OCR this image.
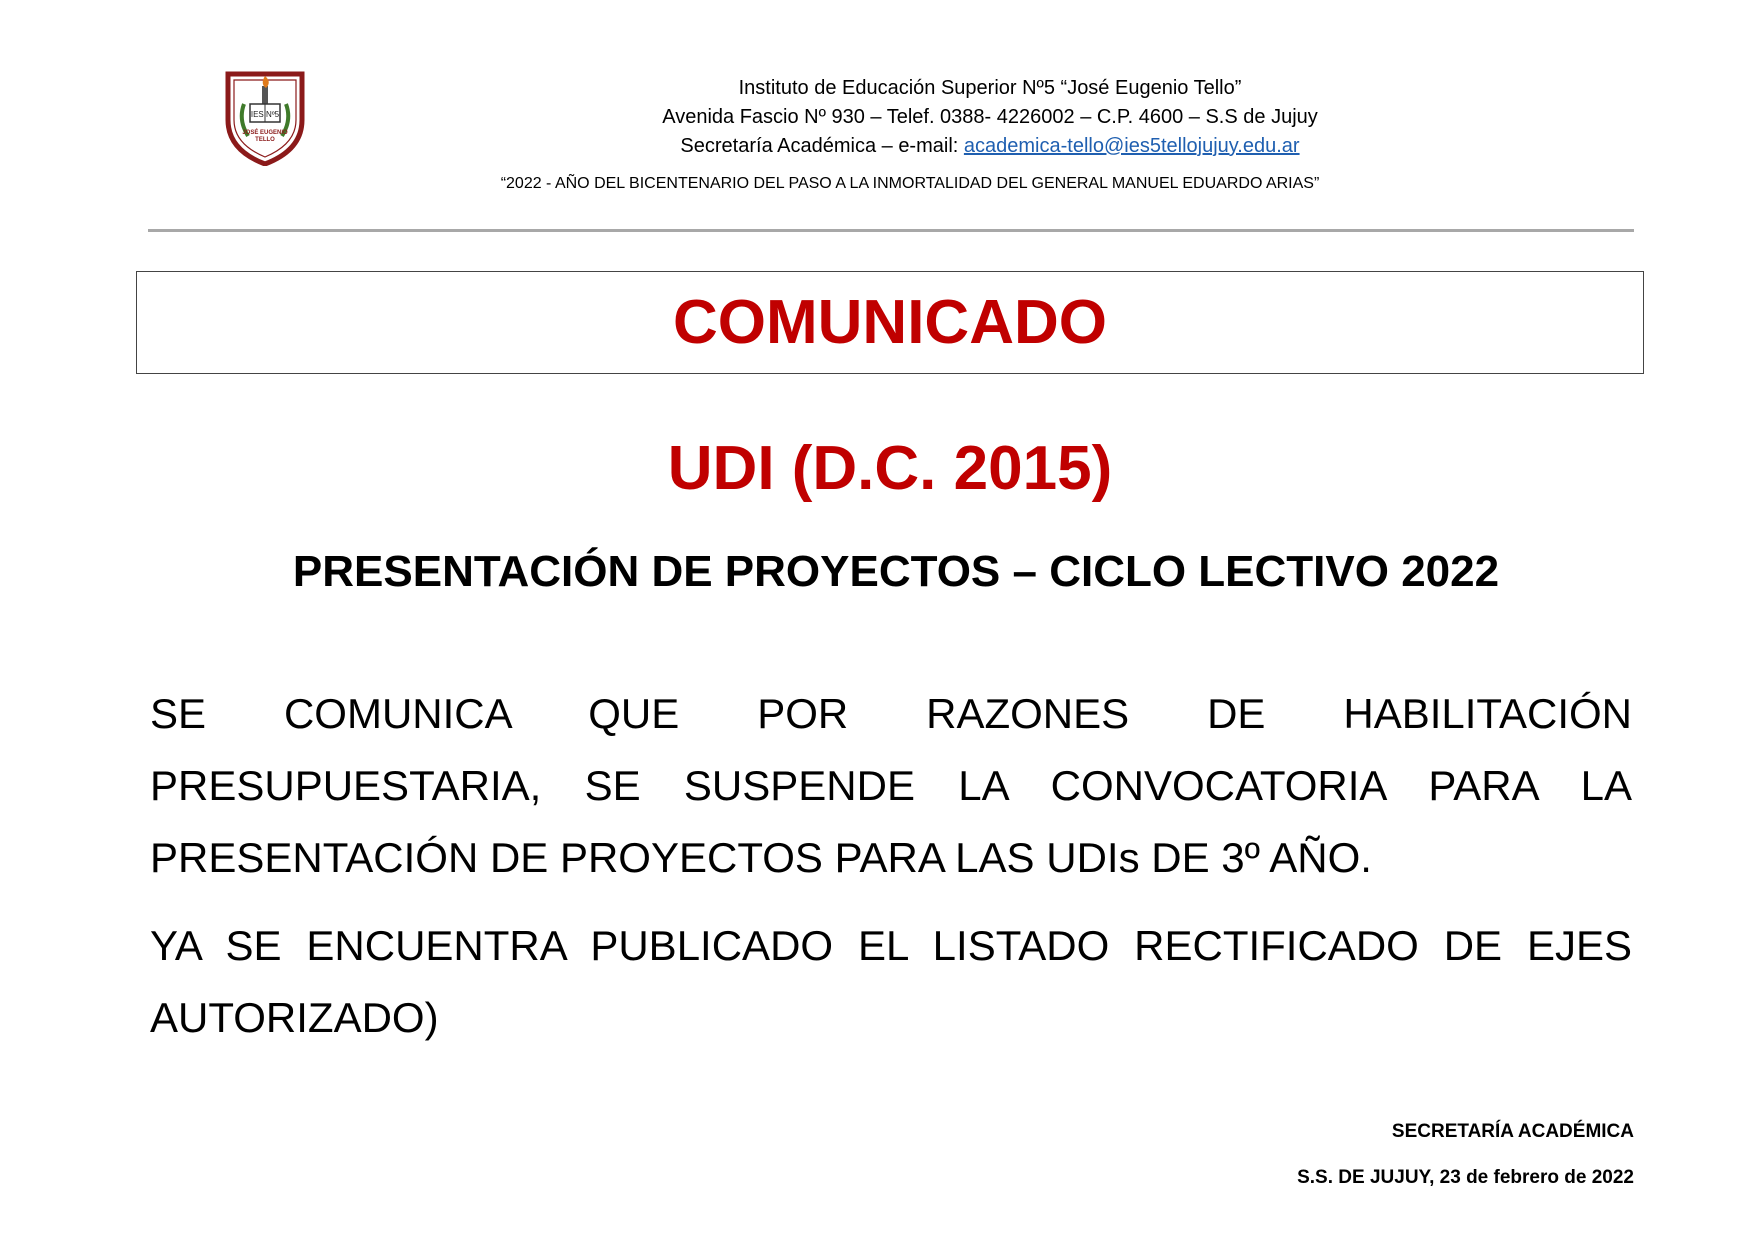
IES Nº5
JOSÉ EUGENIO
TELLO
Instituto de Educación Superior Nº5 “José Eugenio Tello”
Avenida Fascio Nº 930 – Telef. 0388- 4226002 – C.P. 4600 – S.S de Jujuy
Secretaría Académica – e-mail: academica-tello@ies5tellojujuy.edu.ar
“2022 - AÑO DEL BICENTENARIO DEL PASO A LA INMORTALIDAD DEL GENERAL MANUEL EDUARDO ARIAS”
COMUNICADO
UDI (D.C. 2015)
PRESENTACIÓN DE PROYECTOS – CICLO LECTIVO 2022

SE COMUNICA QUE POR RAZONES DE HABILITACIÓN PRESUPUESTARIA, SE SUSPENDE LA CONVOCATORIA PARA LA PRESENTACIÓN DE PROYECTOS PARA LAS UDIs DE 3º AÑO.

YA SE ENCUENTRA PUBLICADO EL LISTADO RECTIFICADO DE EJES AUTORIZADO)

SECRETARÍA ACADÉMICA
S.S. DE JUJUY, 23 de febrero de 2022
